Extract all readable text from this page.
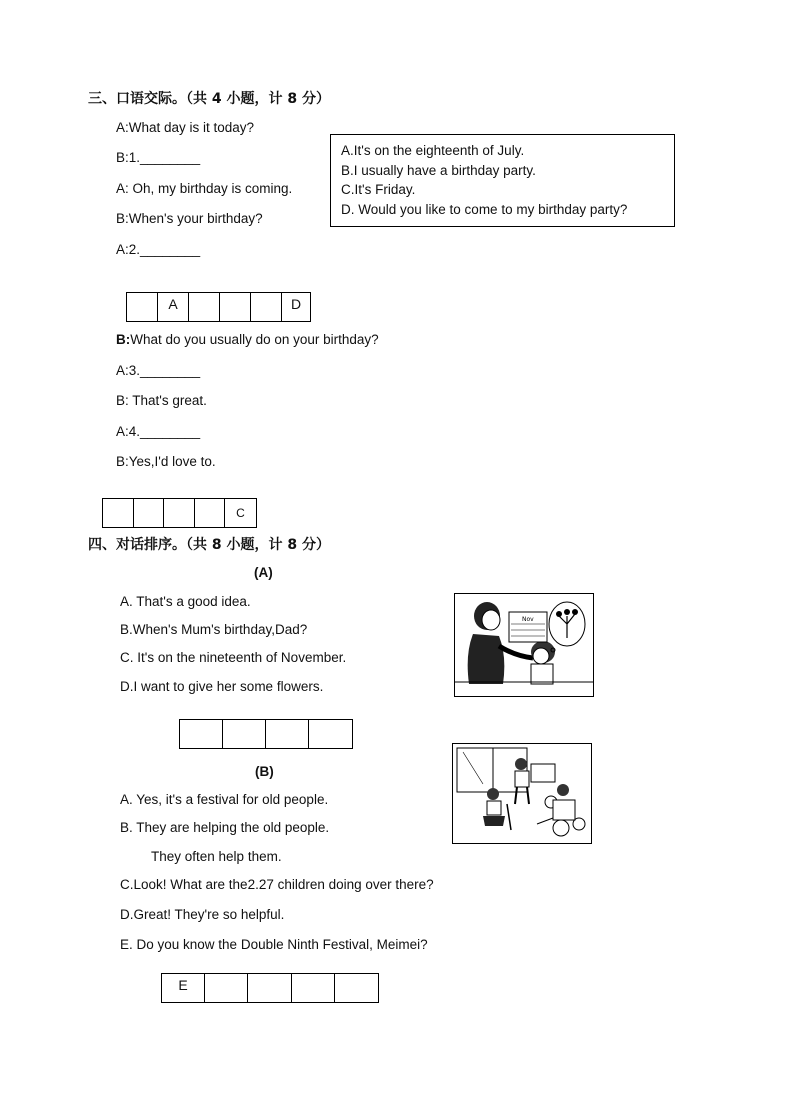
三、口语交际。（共 4 小题，计 8 分）
A:What day is it today?
B:1.________
A: Oh, my birthday is coming.
B:When's your birthday?
A:2.________
A.It's on the eighteenth of July.
B.I usually have a birthday party.
C.It's Friday.
D. Would you like to come to my birthday party?
A	D
B:What do you usually do on your birthday?
A:3.________
B: That's great.
A:4.________
B:Yes,I'd love to.
C
四、对话排序。（共 8 小题，计 8 分）
(A)
A. That's a good idea.
B.When's Mum's birthday,Dad?
C. It's on the nineteenth of November.
D.I want to give her some flowers.
Nov
(B)
A. Yes, it's a festival for old people.
B. They are helping the old people.
They often help them.
C.Look! What are the2.27 children doing over there?
D.Great! They're so helpful.
E. Do you know the Double Ninth Festival, Meimei?
E
